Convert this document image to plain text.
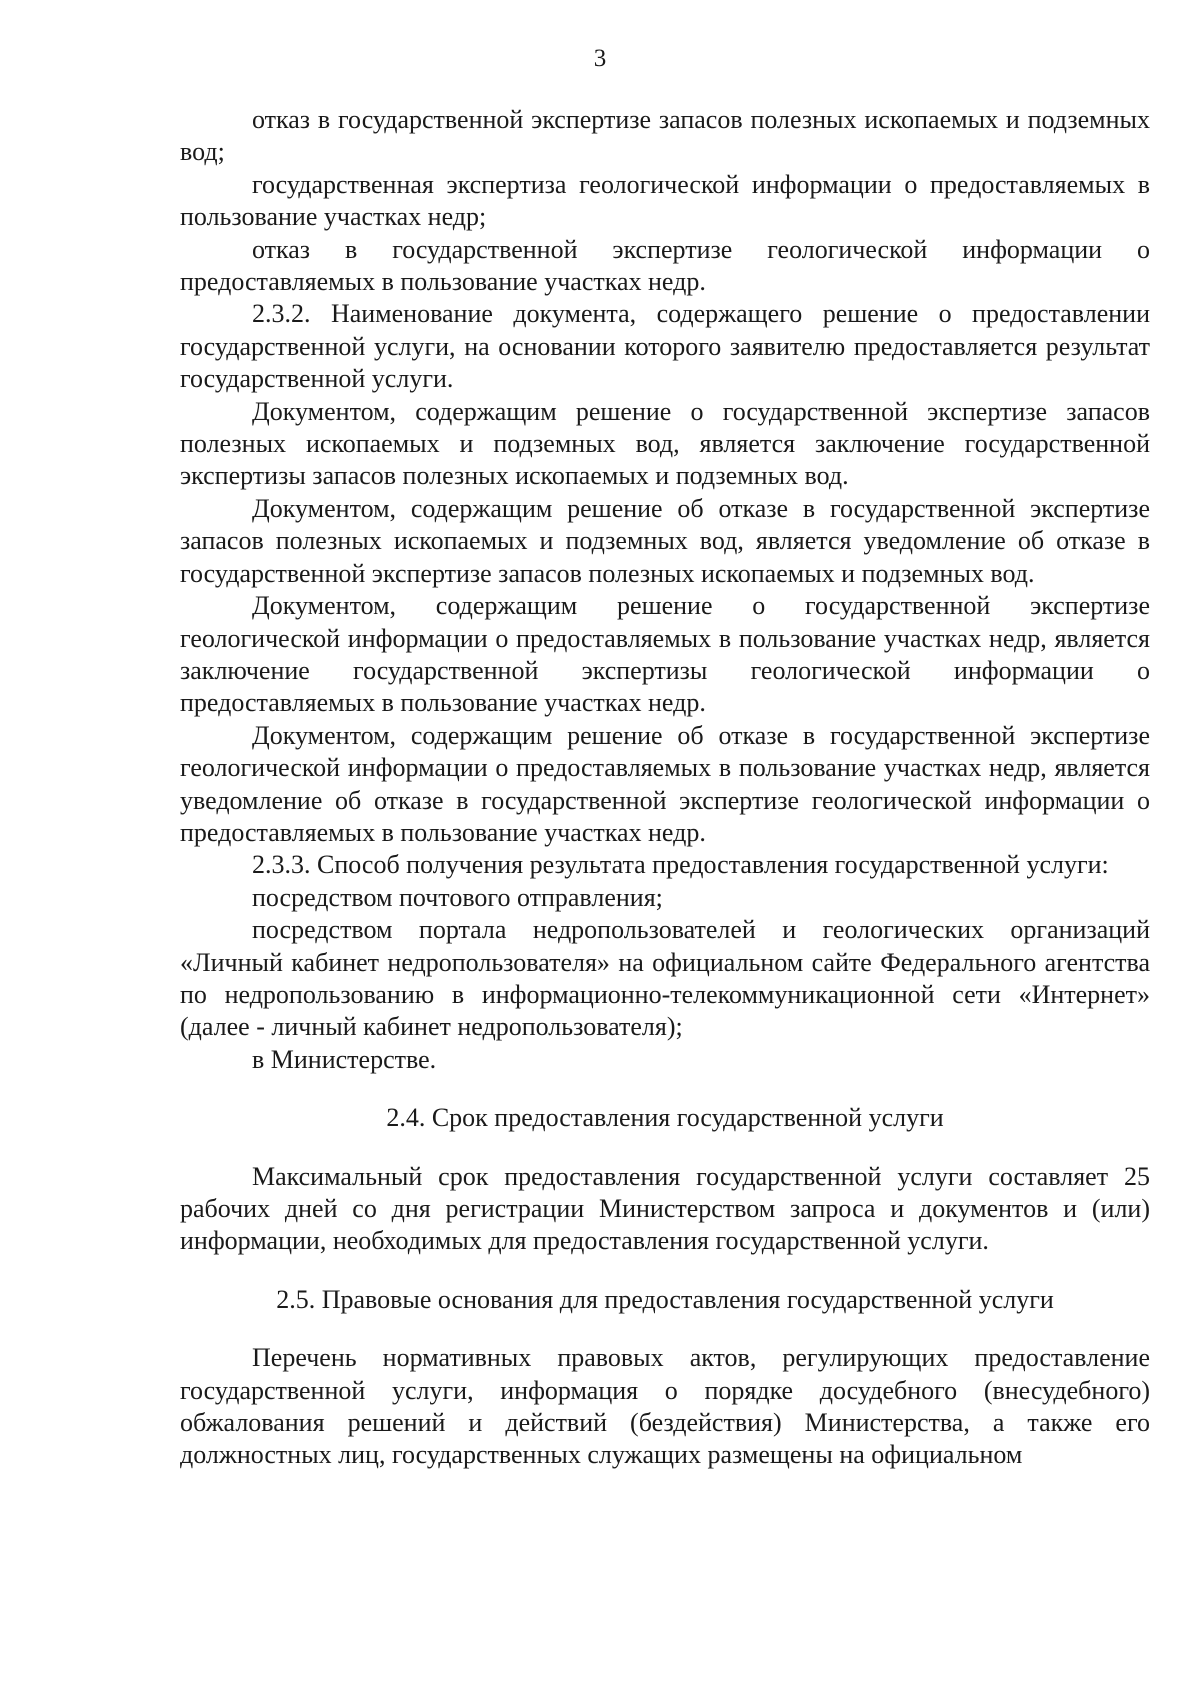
3

отказ в государственной экспертизе запасов полезных ископаемых и подземных вод;

государственная экспертиза геологической информации о предоставляемых в пользование участках недр;

отказ в государственной экспертизе геологической информации о предоставляемых в пользование участках недр.

2.3.2. Наименование документа, содержащего решение о предоставлении государственной услуги, на основании которого заявителю предоставляется результат государственной услуги.

Документом, содержащим решение о государственной экспертизе запасов полезных ископаемых и подземных вод, является заключение государственной экспертизы запасов полезных ископаемых и подземных вод.

Документом, содержащим решение об отказе в государственной экспертизе запасов полезных ископаемых и подземных вод, является уведомление об отказе в государственной экспертизе запасов полезных ископаемых и подземных вод.

Документом, содержащим решение о государственной экспертизе геологической информации о предоставляемых в пользование участках недр, является заключение государственной экспертизы геологической информации о предоставляемых в пользование участках недр.

Документом, содержащим решение об отказе в государственной экспертизе геологической информации о предоставляемых в пользование участках недр, является уведомление об отказе в государственной экспертизе геологической информации о предоставляемых в пользование участках недр.

2.3.3. Способ получения результата предоставления государственной услуги:

посредством почтового отправления;

посредством портала недропользователей и геологических организаций «Личный кабинет недропользователя» на официальном сайте Федерального агентства по недропользованию в информационно-телекоммуникационной сети «Интернет» (далее - личный кабинет недропользователя);

в Министерстве.

2.4. Срок предоставления государственной услуги

Максимальный срок предоставления государственной услуги составляет 25 рабочих дней со дня регистрации Министерством запроса и документов и (или) информации, необходимых для предоставления государственной услуги.

2.5. Правовые основания для предоставления государственной услуги

Перечень нормативных правовых актов, регулирующих предоставление государственной услуги, информация о порядке досудебного (внесудебного) обжалования решений и действий (бездействия) Министерства, а также его должностных лиц, государственных служащих размещены на официальном
